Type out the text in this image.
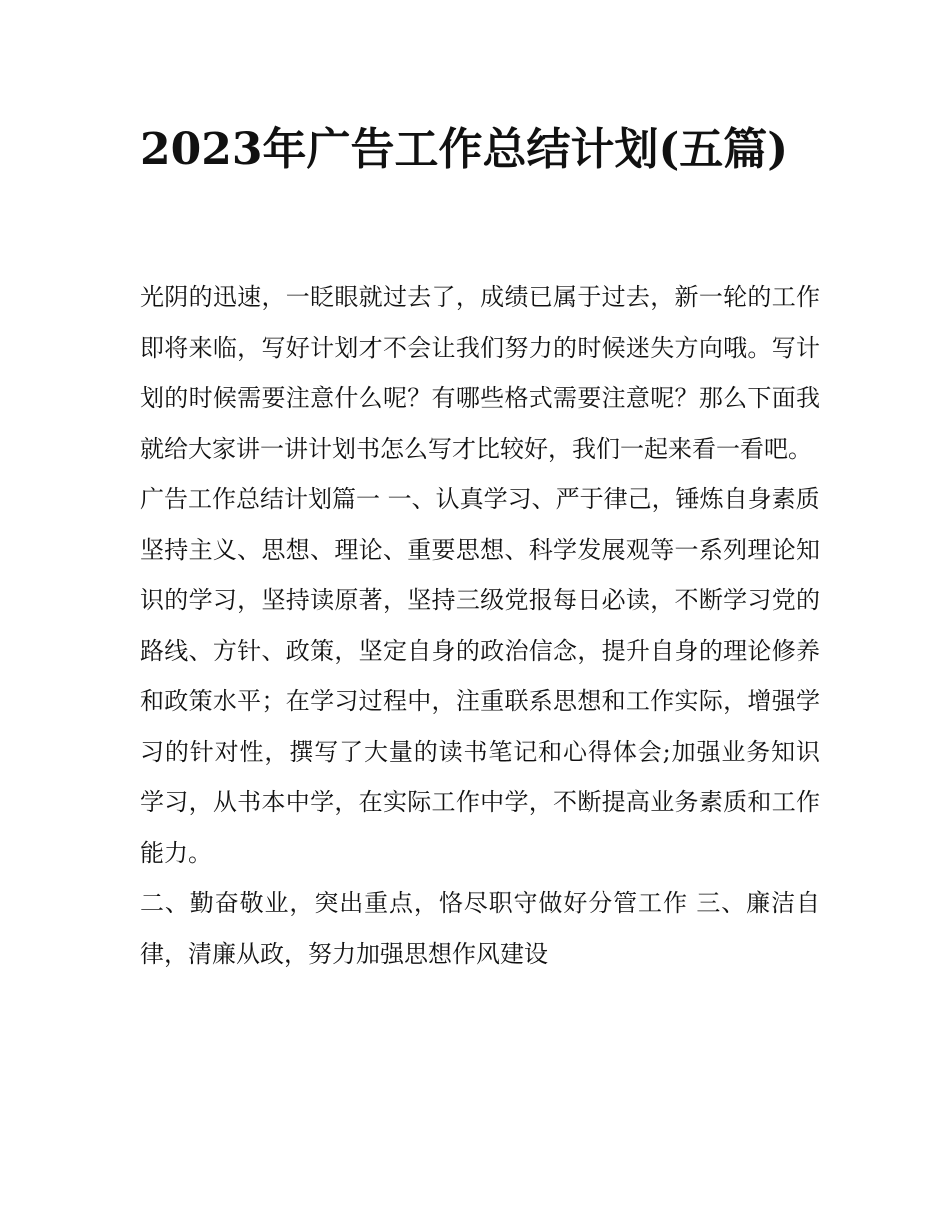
2023年广告工作总结计划(五篇)

光阴的迅速，一眨眼就过去了，成绩已属于过去，新一轮的工作即将来临，写好计划才不会让我们努力的时候迷失方向哦。写计划的时候需要注意什么呢？有哪些格式需要注意呢？那么下面我就给大家讲一讲计划书怎么写才比较好，我们一起来看一看吧。

广告工作总结计划篇一 一、认真学习、严于律己，锤炼自身素质

坚持主义、思想、理论、重要思想、科学发展观等一系列理论知识的学习，坚持读原著，坚持三级党报每日必读，不断学习党的路线、方针、政策，坚定自身的政治信念，提升自身的理论修养和政策水平；在学习过程中，注重联系思想和工作实际，增强学习的针对性，撰写了大量的读书笔记和心得体会;加强业务知识学习，从书本中学，在实际工作中学，不断提高业务素质和工作能力。

二、勤奋敬业，突出重点，恪尽职守做好分管工作 三、廉洁自律，清廉从政，努力加强思想作风建设
